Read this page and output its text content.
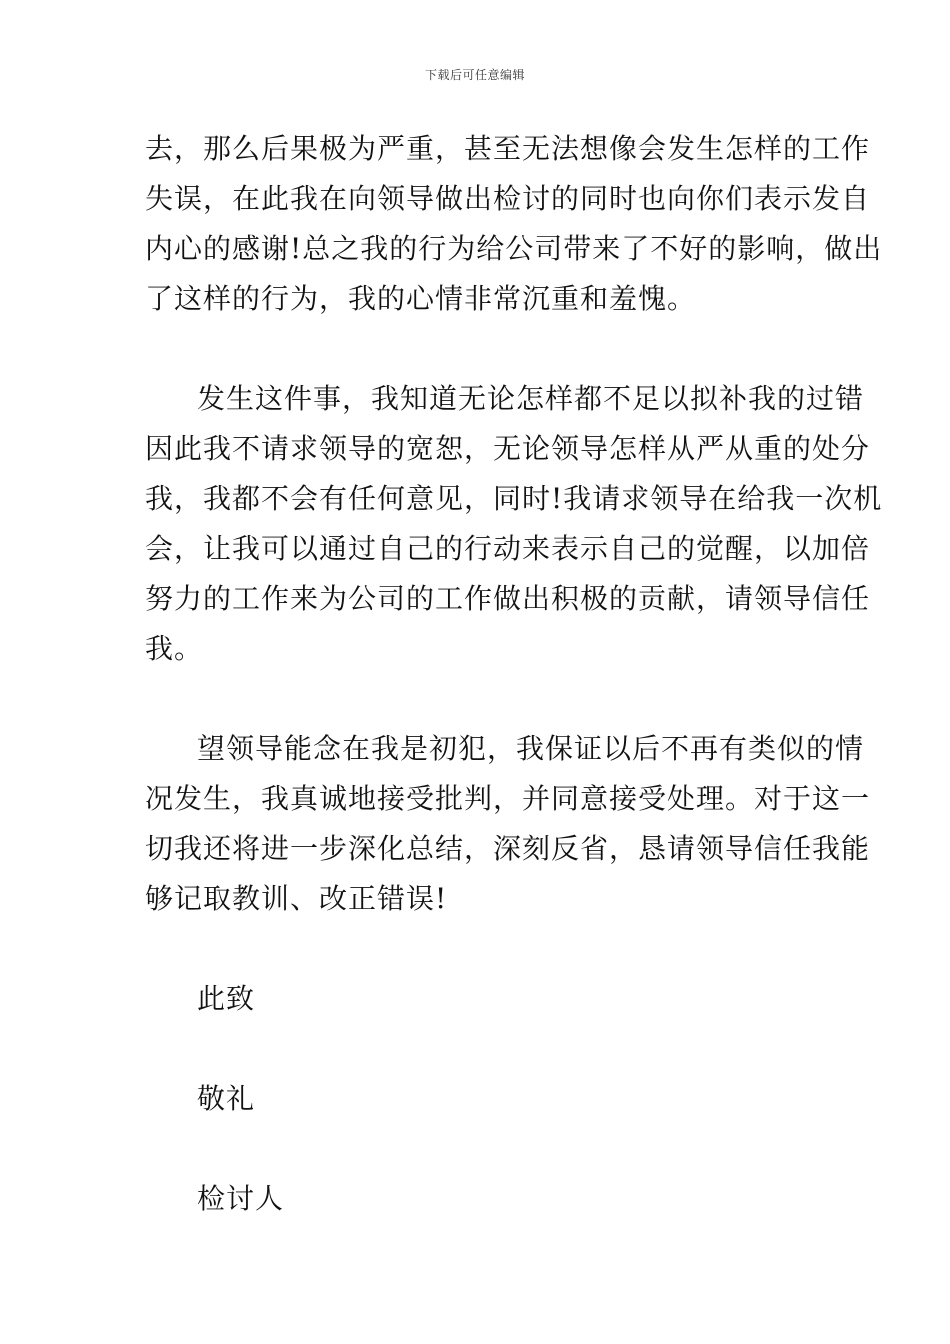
下载后可任意编辑
去，那么后果极为严重，甚至无法想像会发生怎样的工作
失误，在此我在向领导做出检讨的同时也向你们表示发自
内心的感谢!总之我的行为给公司带来了不好的影响，做出
了这样的行为，我的心情非常沉重和羞愧。
发生这件事，我知道无论怎样都不足以拟补我的过错
因此我不请求领导的宽恕，无论领导怎样从严从重的处分
我，我都不会有任何意见，同时!我请求领导在给我一次机
会，让我可以通过自己的行动来表示自己的觉醒，以加倍
努力的工作来为公司的工作做出积极的贡献，请领导信任
我。
望领导能念在我是初犯，我保证以后不再有类似的情
况发生，我真诚地接受批判，并同意接受处理。对于这一
切我还将进一步深化总结，深刻反省，恳请领导信任我能
够记取教训、改正错误!
此致
敬礼
检讨人
